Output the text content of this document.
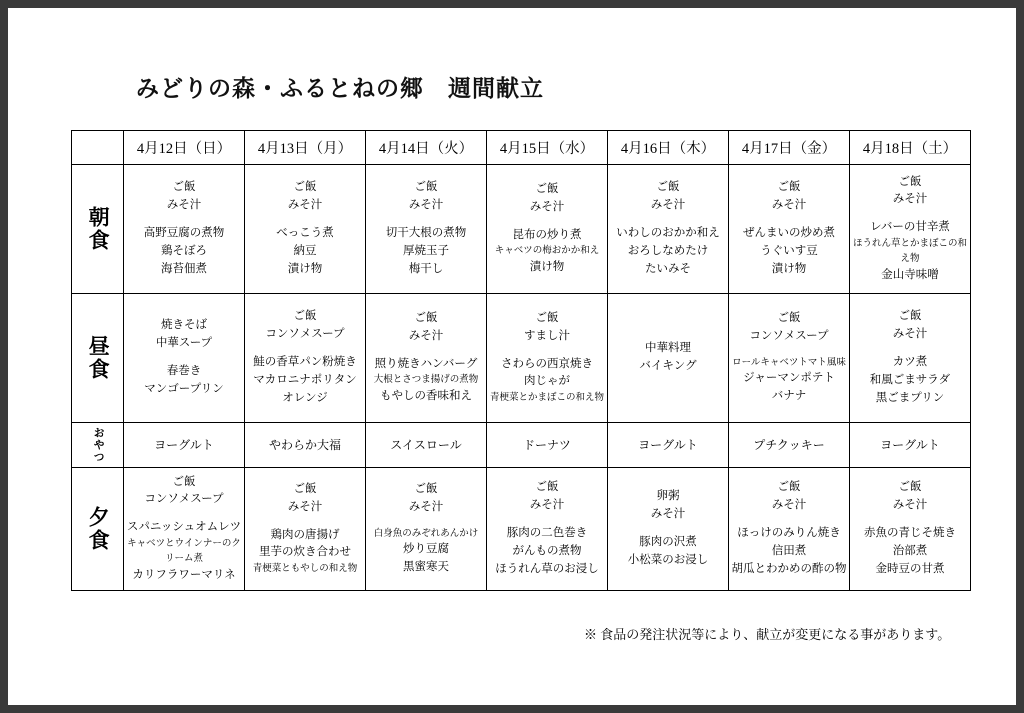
みどりの森・ふるとねの郷　週間献立
	4月12日（日）	4月13日（月）	4月14日（火）	4月15日（水）	4月16日（木）	4月17日（金）	4月18日（土）

朝食	ご飯
みそ汁
高野豆腐の煮物
鶏そぼろ
海苔佃煮	ご飯
みそ汁
べっこう煮
納豆
漬け物	ご飯
みそ汁
切干大根の煮物
厚焼玉子
梅干し	ご飯
みそ汁
昆布の炒り煮
キャベツの梅おかか和え
漬け物	ご飯
みそ汁
いわしのおかか和え
おろしなめたけ
たいみそ	ご飯
みそ汁
ぜんまいの炒め煮
うぐいす豆
漬け物	ご飯
みそ汁
レバーの甘辛煮
ほうれん草とかまぼこの和え物
金山寺味噌

昼食	焼きそば
中華スープ
春巻き
マンゴープリン	ご飯
コンソメスープ
鮭の香草パン粉焼き
マカロニナポリタン
オレンジ	ご飯
みそ汁
照り焼きハンバーグ
大根とさつま揚げの煮物
もやしの香味和え	ご飯
すまし汁
さわらの西京焼き
肉じゃが
青梗菜とかまぼこの和え物	中華料理
バイキング	ご飯
コンソメスープ
ロールキャベツトマト風味
ジャーマンポテト
バナナ	ご飯
みそ汁
カツ煮
和風ごまサラダ
黒ごまプリン

おやつ	ヨーグルト	やわらか大福	スイスロール	ドーナツ	ヨーグルト	プチクッキー	ヨーグルト

夕食	ご飯
コンソメスープ
スパニッシュオムレツ
キャベツとウインナーのクリーム煮
カリフラワーマリネ	ご飯
みそ汁
鶏肉の唐揚げ
里芋の炊き合わせ
青梗菜ともやしの和え物	ご飯
みそ汁
白身魚のみぞれあんかけ
炒り豆腐
黒蜜寒天	ご飯
みそ汁
豚肉の二色巻き
がんもの煮物
ほうれん草のお浸し	卵粥
みそ汁
豚肉の沢煮
小松菜のお浸し	ご飯
みそ汁
ほっけのみりん焼き
信田煮
胡瓜とわかめの酢の物	ご飯
みそ汁
赤魚の青じそ焼き
治部煮
金時豆の甘煮
※ 食品の発注状況等により、献立が変更になる事があります。
